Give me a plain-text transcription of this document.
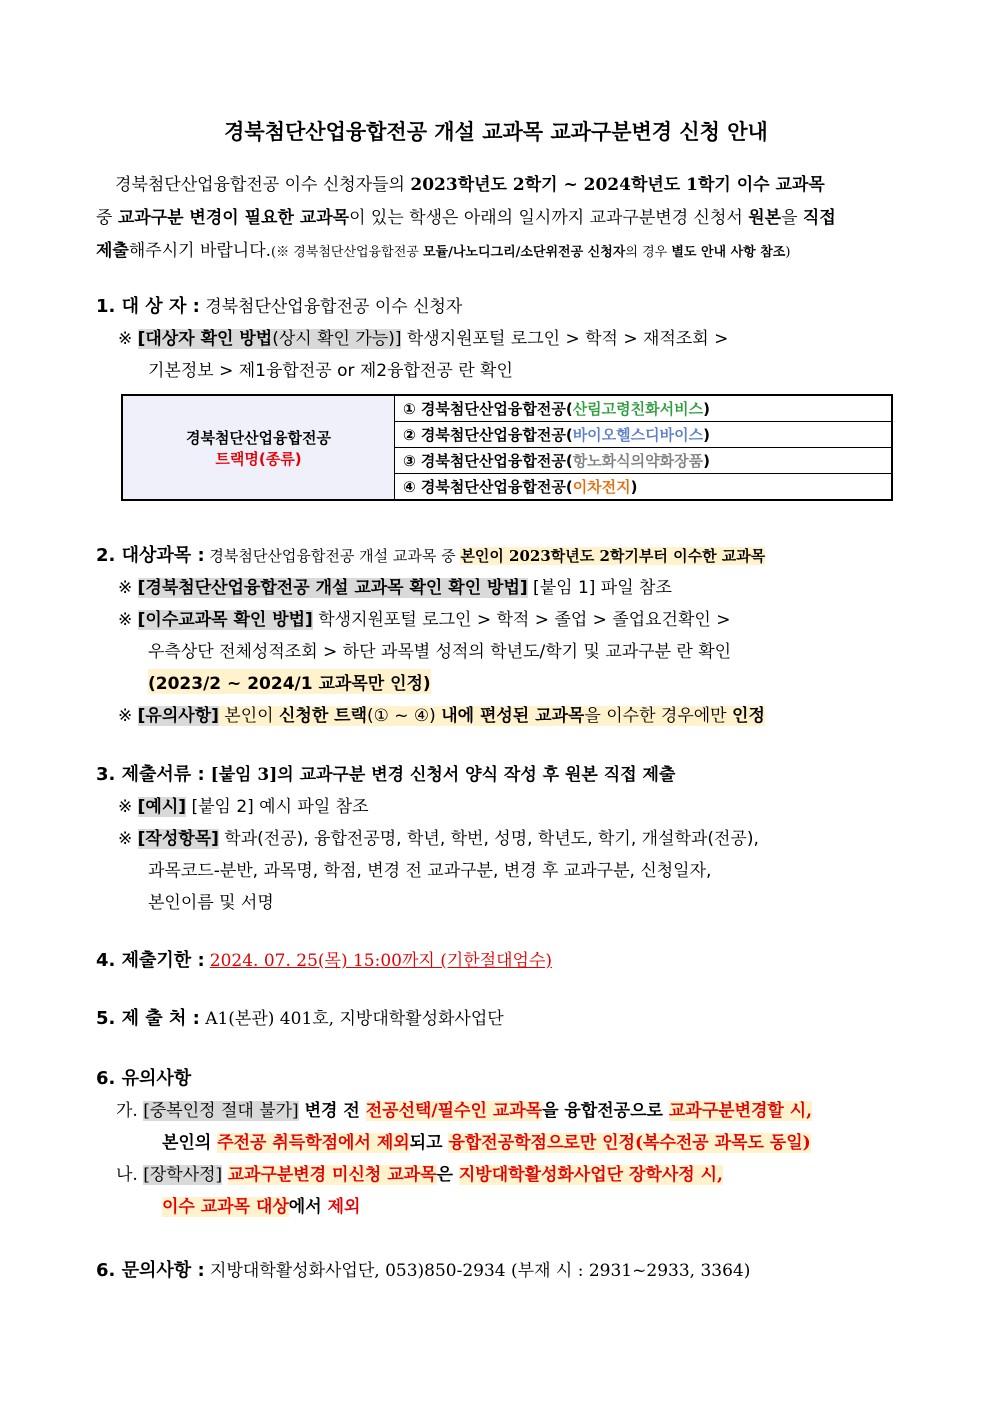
경북첨단산업융합전공 개설 교과목 교과구분변경 신청 안내
경북첨단산업융합전공 이수 신청자들의 2023학년도 2학기 ~ 2024학년도 1학기 이수 교과목
중 교과구분 변경이 필요한 교과목이 있는 학생은 아래의 일시까지 교과구분변경 신청서 원본을 직접
제출해주시기 바랍니다.(※ 경북첨단산업융합전공 모듈/나노디그리/소단위전공 신청자의 경우 별도 안내 사항 참조)
1. 대 상 자 : 경북첨단산업융합전공 이수 신청자
※ [대상자 확인 방법(상시 확인 가능)] 학생지원포털 로그인 > 학적 > 재적조회 >
기본정보 > 제1융합전공 or 제2융합전공 란 확인
경북첨단산업융합전공
트랙명(종류)
	① 경북첨단산업융합전공(산림고령친화서비스)
② 경북첨단산업융합전공(바이오헬스디바이스)
③ 경북첨단산업융합전공(항노화식의약화장품)
④ 경북첨단산업융합전공(이차전지)
2. 대상과목 : 경북첨단산업융합전공 개설 교과목 중 본인이 2023학년도 2학기부터 이수한 교과목
※ [경북첨단산업융합전공 개설 교과목 확인 확인 방법] [붙임 1] 파일 참조
※ [이수교과목 확인 방법] 학생지원포털 로그인 > 학적 > 졸업 > 졸업요건확인 >
우측상단 전체성적조회 > 하단 과목별 성적의 학년도/학기 및 교과구분 란 확인
(2023/2 ~ 2024/1 교과목만 인정)
※ [유의사항] 본인이 신청한 트랙(① ~ ④) 내에 편성된 교과목을 이수한 경우에만 인정
3. 제출서류 : [붙임 3]의 교과구분 변경 신청서 양식 작성 후 원본 직접 제출
※ [예시] [붙임 2] 예시 파일 참조
※ [작성항목] 학과(전공), 융합전공명, 학년, 학번, 성명, 학년도, 학기, 개설학과(전공),
과목코드-분반, 과목명, 학점, 변경 전 교과구분, 변경 후 교과구분, 신청일자,
본인이름 및 서명
4. 제출기한 : 2024. 07. 25(목) 15:00까지 (기한절대엄수)
5. 제 출 처 : A1(본관) 401호, 지방대학활성화사업단
6. 유의사항
가. [중복인정 절대 불가] 변경 전 전공선택/필수인 교과목을 융합전공으로 교과구분변경할 시,
본인의 주전공 취득학점에서 제외되고 융합전공학점으로만 인정(복수전공 과목도 동일)
나. [장학사정] 교과구분변경 미신청 교과목은 지방대학활성화사업단 장학사정 시,
이수 교과목 대상에서 제외
6. 문의사항 : 지방대학활성화사업단, 053)850-2934 (부재 시 : 2931~2933, 3364)
